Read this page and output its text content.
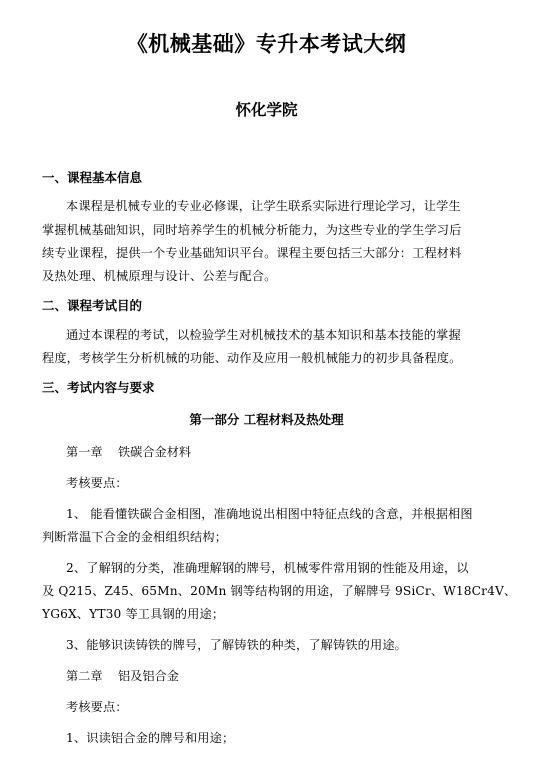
《机械基础》专升本考试大纲
怀化学院
一、课程基本信息
本课程是机械专业的专业必修课，让学生联系实际进行理论学习，让学生
掌握机械基础知识，同时培养学生的机械分析能力，为这些专业的学生学习后
续专业课程，提供一个专业基础知识平台。课程主要包括三大部分：工程材料
及热处理、机械原理与设计、公差与配合。
二、课程考试目的
通过本课程的考试，以检验学生对机械技术的基本知识和基本技能的掌握
程度，考核学生分析机械的功能、动作及应用一般机械能力的初步具备程度。
三、考试内容与要求
第一部分 工程材料及热处理
第一章 铁碳合金材料
考核要点：
1、 能看懂铁碳合金相图，准确地说出相图中特征点线的含意，并根据相图
判断常温下合金的金相组织结构；
2、了解钢的分类，准确理解钢的牌号，机械零件常用钢的性能及用途，以
及 Q215、Z45、65Mn、20Mn 钢等结构钢的用途，了解牌号 9SiCr、W18Cr4V、
YG6X、YT30 等工具钢的用途；
3、能够识读铸铁的牌号，了解铸铁的种类，了解铸铁的用途。
第二章 铝及铝合金
考核要点：
1、识读铝合金的牌号和用途；
